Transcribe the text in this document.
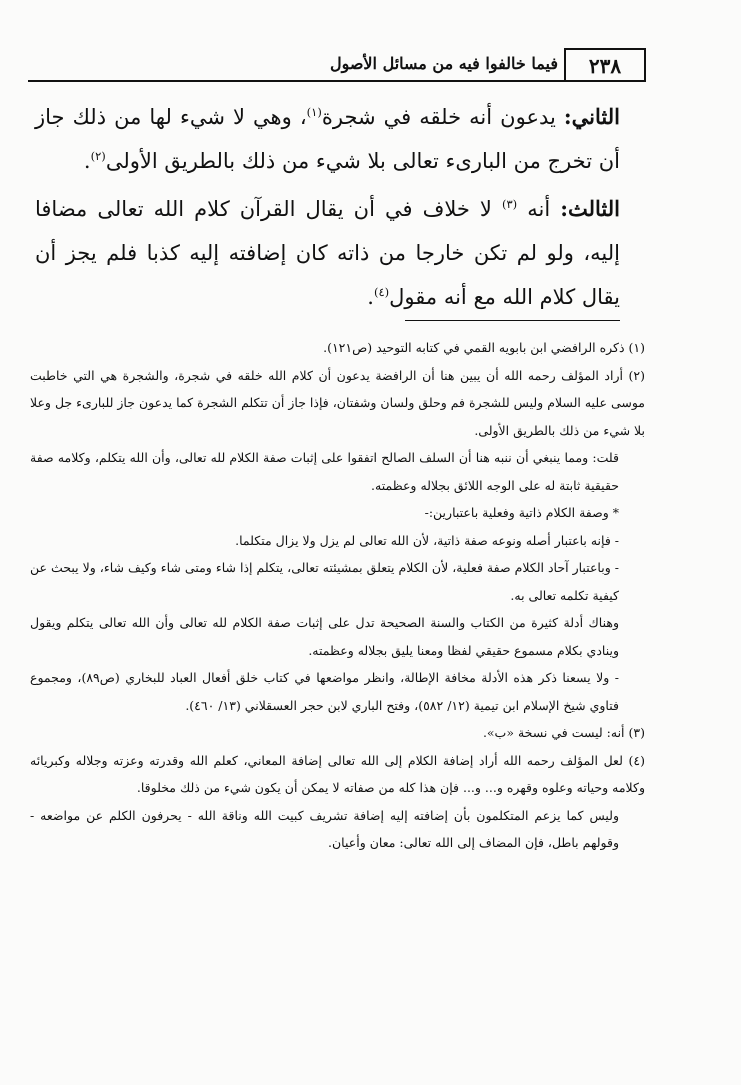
٢٣٨
فيما خالفوا فيه من مسائل الأصول

الثاني: يدعون أنه خلقه في شجرة$^{(١)}$، وهي لا شيء لها من ذلك جاز أن تخرج من البارىء تعالى بلا شيء من ذلك بالطريق الأولى$^{(٢)}$.

الثالث: أنه $^{(٣)}$ لا خلاف في أن يقال القرآن كلام الله تعالى مضافا إليه، ولو لم تكن خارجا من ذاته كان إضافته إليه كذبا فلم يجز أن يقال كلام الله مع أنه مقول$^{(٤)}$.

(١) ذكره الرافضي ابن بابويه القمي في كتابه التوحيد (ص١٢١).

(٢) أراد المؤلف رحمه الله أن يبين هنا أن الرافضة يدعون أن كلام الله خلقه في شجرة، والشجرة هي التي خاطبت موسى عليه السلام وليس للشجرة فم وحلق ولسان وشفتان، فإذا جاز أن تتكلم الشجرة كما يدعون جاز للبارىء جل وعلا بلا شيء من ذلك بالطريق الأولى.

قلت: ومما ينبغي أن ننبه هنا أن السلف الصالح اتفقوا على إثبات صفة الكلام لله تعالى، وأن الله يتكلم، وكلامه صفة حقيقية ثابتة له على الوجه اللائق بجلاله وعظمته.

* وصفة الكلام ذاتية وفعلية باعتبارين:-

- فإنه باعتبار أصله ونوعه صفة ذاتية، لأن الله تعالى لم يزل ولا يزال متكلما.

- وباعتبار آحاد الكلام صفة فعلية، لأن الكلام يتعلق بمشيئته تعالى، يتكلم إذا شاء ومتى شاء وكيف شاء، ولا يبحث عن كيفية تكلمه تعالى به.

وهناك أدلة كثيرة من الكتاب والسنة الصحيحة تدل على إثبات صفة الكلام لله تعالى وأن الله تعالى يتكلم ويقول وينادي بكلام مسموع حقيقي لفظا ومعنا يليق بجلاله وعظمته.

- ولا يسعنا ذكر هذه الأدلة مخافة الإطالة، وانظر مواضعها في كتاب خلق أفعال العباد للبخاري (ص٨٩)، ومجموع فتاوي شيخ الإسلام ابن تيمية (١٢/ ٥٨٢)، وفتح الباري لابن حجر العسقلاني (١٣/ ٤٦٠).

(٣) أنه: ليست في نسخة «ب».

(٤) لعل المؤلف رحمه الله أراد إضافة الكلام إلى الله تعالى إضافة المعاني، كعلم الله وقدرته وعزته وجلاله وكبريائه وكلامه وحياته وعلوه وقهره و... و... فإن هذا كله من صفاته لا يمكن أن يكون شيء من ذلك مخلوقا.

وليس كما يزعم المتكلمون بأن إضافته إليه إضافة تشريف كبيت الله وناقة الله - يحرفون الكلم عن مواضعه - وقولهم باطل، فإن المضاف إلى الله تعالى: معان وأعيان.
